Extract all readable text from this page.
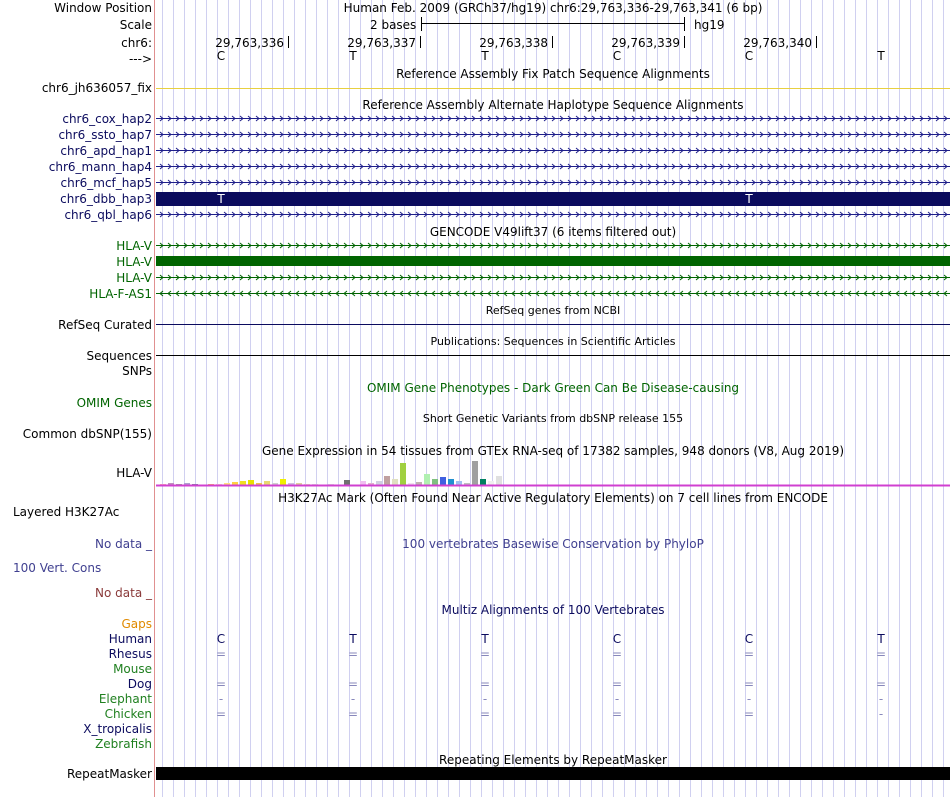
Window Position	Human Feb. 2009 (GRCh37/hg19) chr6:29,763,336-29,763,341 (6 bp)
Scale	2 bases	hg19
chr6:
--->
29,763,336	29,763,337	29,763,338	29,763,339	29,763,340
C	T	T	C	C	T
Reference Assembly Fix Patch Sequence Alignments
chr6_jh636057_fix
Reference Assembly Alternate Haplotype Sequence Alignments
chr6_cox_hap2
chr6_ssto_hap7
chr6_apd_hap1
chr6_mann_hap4
chr6_mcf_hap5
chr6_dbb_hap3	T	T
chr6_qbl_hap6
GENCODE V49lift37 (6 items filtered out)
HLA-V
HLA-V
HLA-V
HLA-F-AS1
RefSeq genes from NCBI
RefSeq Curated
Publications: Sequences in Scientific Articles
Sequences
SNPs
OMIM Gene Phenotypes - Dark Green Can Be Disease-causing
OMIM Genes
Short Genetic Variants from dbSNP release 155
Common dbSNP(155)
Gene Expression in 54 tissues from GTEx RNA-seq of 17382 samples, 948 donors (V8, Aug 2019)
HLA-V
H3K27Ac Mark (Often Found Near Active Regulatory Elements) on 7 cell lines from ENCODE
Layered H3K27Ac
No data _	100 vertebrates Basewise Conservation by PhyloP
100 Vert. Cons
No data _
Multiz Alignments of 100 Vertebrates
Gaps
Human	C	T	T	C	C	T
Rhesus	=	=	=	=	=	=
Mouse
Dog	=	=	=	=	=	=
Elephant	-	-	-	-	-	-
Chicken	=	=	=	=	=	-
X_tropicalis
Zebrafish
Repeating Elements by RepeatMasker
RepeatMasker
